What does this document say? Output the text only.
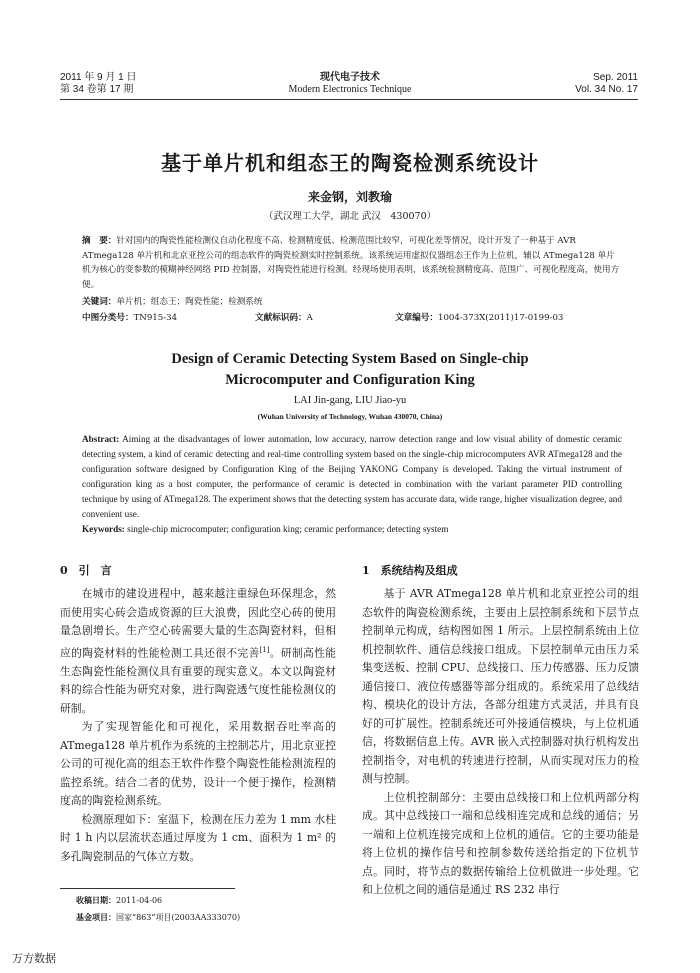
2011 年 9 月 1 日
第 34 卷第 17 期
现代电子技术
Modern Electronics Technique
Sep. 2011
Vol. 34 No. 17
基于单片机和组态王的陶瓷检测系统设计
来金钢，刘教瑜
（武汉理工大学，湖北 武汉　430070）
摘　要：针对国内的陶瓷性能检测仪自动化程度不高、检测精度低、检测范围比较窄，可视化差等情况，设计开发了一种基于 AVR ATmega128 单片机和北京亚控公司的组态软件的陶瓷检测实时控制系统。该系统运用虚拟仪器组态王作为上位机，辅以 ATmega128 单片机为核心的变参数的模糊神经网络 PID 控制器，对陶瓷性能进行检测。经现场使用表明，该系统检测精度高、范围广、可视化程度高，使用方便。
关键词：单片机；组态王；陶瓷性能；检测系统
中图分类号：TN915-34	文献标识码：A	文章编号：1004-373X(2011)17-0199-03
Design of Ceramic Detecting System Based on Single-chip
Microcomputer and Configuration King
LAI Jin-gang, LIU Jiao-yu
(Wuhan University of Technology, Wuhan 430070, China)
Abstract: Aiming at the disadvantages of lower automation, low accuracy, narrow detection range and low visual ability of domestic ceramic detecting system, a kind of ceramic detecting and real-time controlling system based on the single-chip microcomputers AVR ATmega128 and the configuration software designed by Configuration King of the Beijing YAKONG Company is developed. Taking the virtual instrument of configuration king as a host computer, the performance of ceramic is detected in combination with the variant parameter PID controlling technique by using of ATmega128. The experiment shows that the detecting system has accurate data, wide range, higher visualization degree, and convenient use.
Keywords: single-chip microcomputer; configuration king; ceramic performance; detecting system
0　引　言

在城市的建设进程中，越来越注重绿色环保理念，然而使用实心砖会造成资源的巨大浪费，因此空心砖的使用量急剧增长。生产空心砖需要大量的生态陶瓷材料，但相应的陶瓷材料的性能检测工具还很不完善[1]。研制高性能生态陶瓷性能检测仪具有重要的现实意义。本文以陶瓷材料的综合性能为研究对象，进行陶瓷透气度性能检测仪的研制。

为了实现智能化和可视化，采用数据吞吐率高的 ATmega128 单片机作为系统的主控制芯片，用北京亚控公司的可视化高的组态王软件作整个陶瓷性能检测流程的监控系统。结合二者的优势，设计一个便于操作，检测精度高的陶瓷检测系统。

检测原理如下：室温下，检测在压力差为 1 mm 水柱时 1 h 内以层流状态通过厚度为 1 cm、面积为 1 m² 的多孔陶瓷制品的气体立方数。

收稿日期：2011-04-06
基金项目：国家“863”项目(2003AA333070)
1　系统结构及组成

基于 AVR ATmega128 单片机和北京亚控公司的组态软件的陶瓷检测系统，主要由上层控制系统和下层节点控制单元构成，结构图如图 1 所示。上层控制系统由上位机控制软件、通信总线接口组成。下层控制单元由压力采集变送板、控制 CPU、总线接口、压力传感器、压力反馈通信接口、液位传感器等部分组成的。系统采用了总线结构、模块化的设计方法，各部分组建方式灵活，并具有良好的可扩展性。控制系统还可外接通信模块，与上位机通信，将数据信息上传。AVR 嵌入式控制器对执行机构发出控制指令，对电机的转速进行控制，从而实现对压力的检测与控制。

上位机控制部分：主要由总线接口和上位机两部分构成。其中总线接口一端和总线相连完成和总线的通信；另一端和上位机连接完成和上位机的通信。它的主要功能是将上位机的操作信号和控制参数传送给指定的下位机节点。同时，将节点的数据传输给上位机做进一步处理。它和上位机之间的通信是通过 RS 232 串行

万方数据
